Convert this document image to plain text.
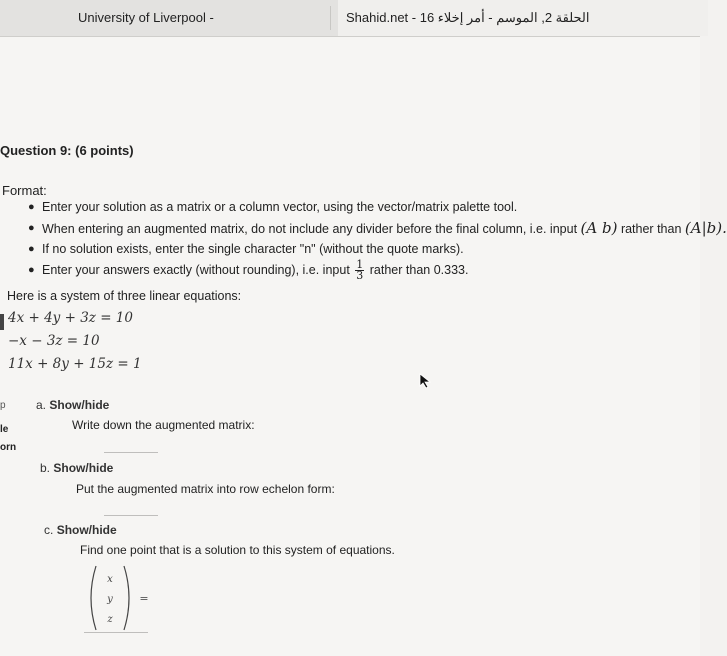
University of Liverpool -	Shahid.net - 16 الحلقة 2, الموسم - أمر إخلاء
Question 9: (6 points)
Format:
● Enter your solution as a matrix or a column vector, using the vector/matrix palette tool.
● When entering an augmented matrix, do not include any divider before the final column, i.e. input (A b) rather than (A|b).
● If no solution exists, enter the single character "n" (without the quote marks).
● Enter your answers exactly (without rounding), i.e. input $\frac{1}{3}$ rather than 0.333.
Here is a system of three linear equations:
4x + 4y + 3z = 10
−x − 3z = 10
11x + 8y + 15z = 1
p
le
orn
a. Show/hide
Write down the augmented matrix:
b. Show/hide
Put the augmented matrix into row echelon form:
c. Show/hide
Find one point that is a solution to this system of equations.
x
y
z
=
